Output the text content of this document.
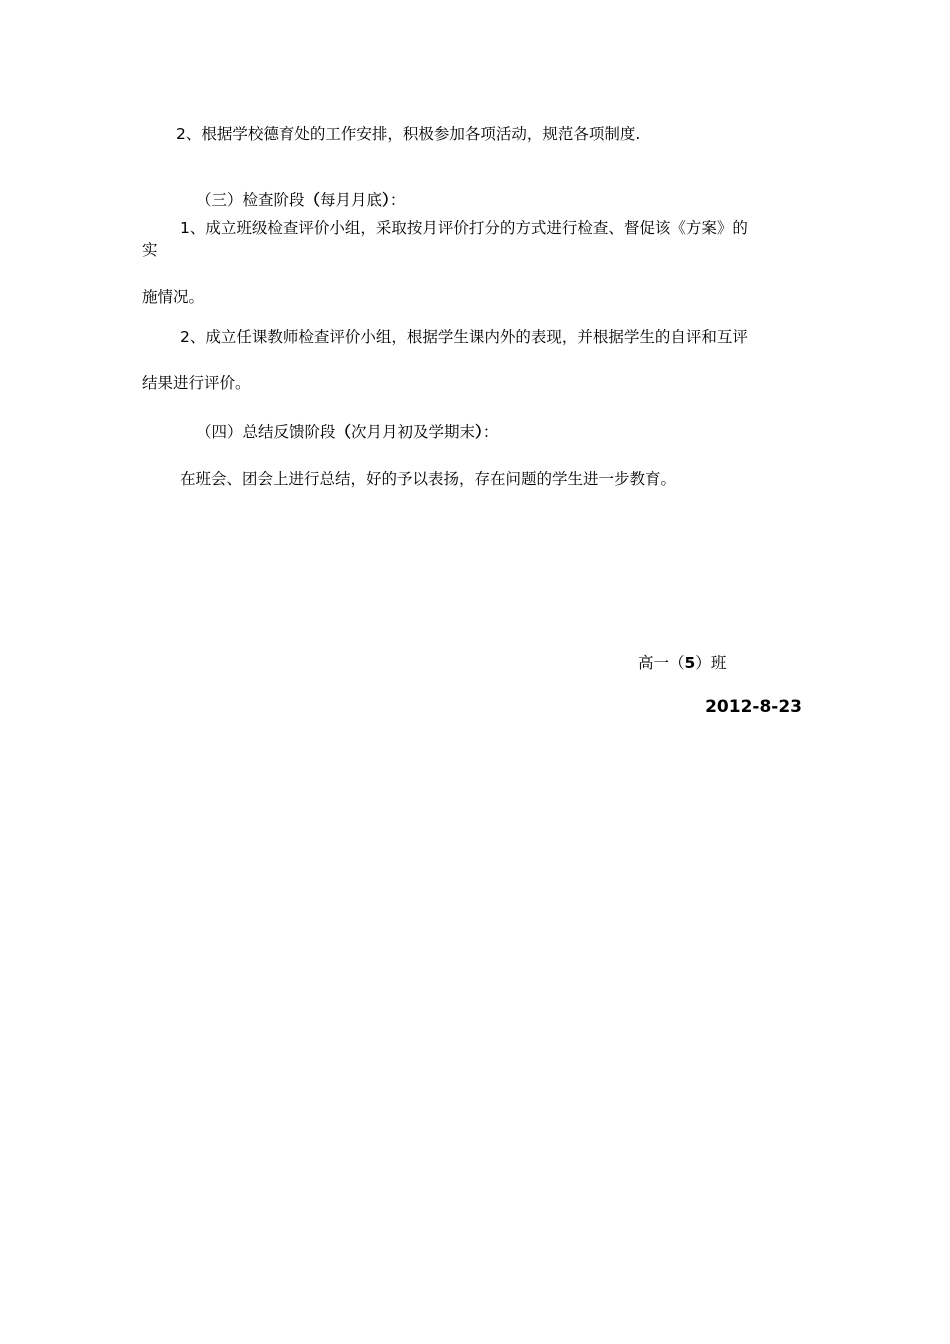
2、根据学校德育处的工作安排，积极参加各项活动，规范各项制度.
（三）检查阶段（每月月底）：
1、成立班级检查评价小组，采取按月评价打分的方式进行检查、督促该《方案》的
实
施情况。
2、成立任课教师检查评价小组，根据学生课内外的表现，并根据学生的自评和互评
结果进行评价。
（四）总结反馈阶段（次月月初及学期末）：
在班会、团会上进行总结，好的予以表扬，存在问题的学生进一步教育。
高一（5）班
2012-8-23
